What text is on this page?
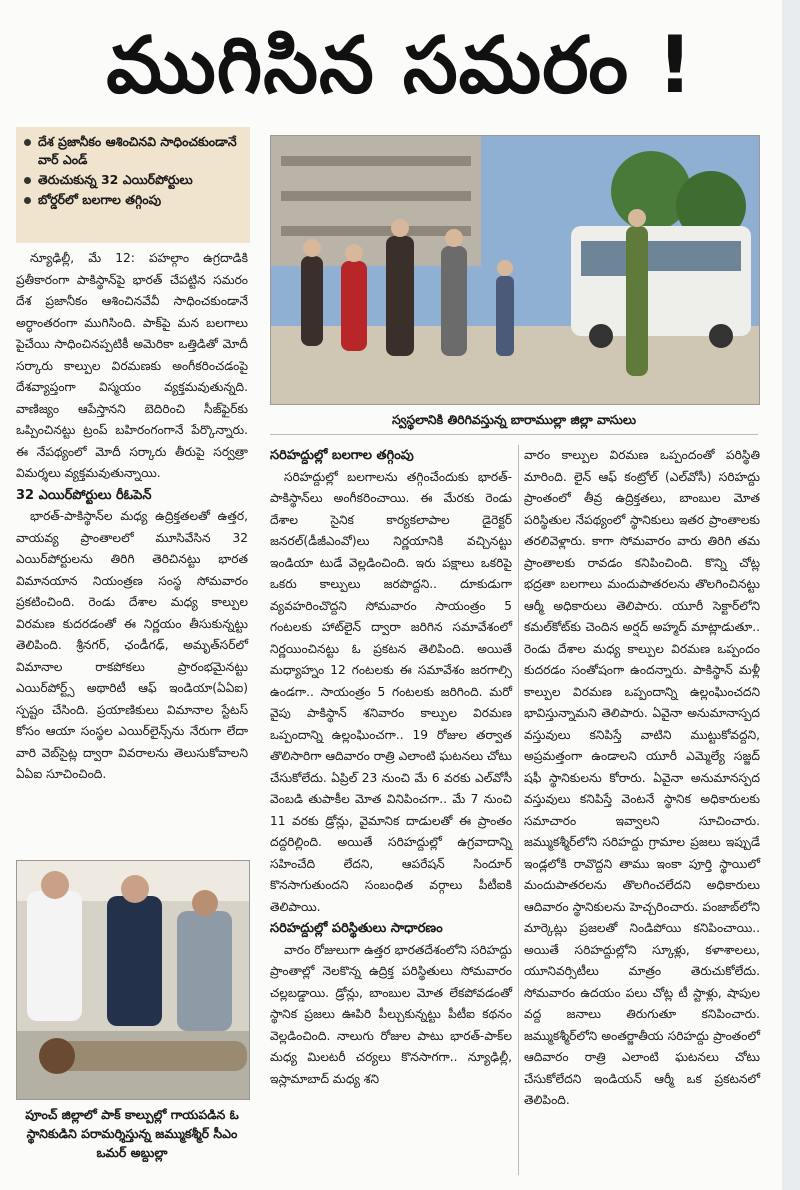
ముగిసిన సమరం !
దేశ ప్రజానీకం ఆశించినవి సాధించకుండానే వార్ ఎండ్
తెరుచుకున్న 32 ఎయిర్‌పోర్టులు
బోర్డర్‌లో బలగాల తగ్గింపు

న్యూఢిల్లీ, మే 12: పహల్గాం ఉగ్రదాడికి ప్రతీకారంగా పాకిస్థాన్‌పై భారత్ చేపట్టిన సమరం దేశ ప్రజానీకం ఆశించినవేవీ సాధించకుండానే అర్ధాంతరంగా ముగిసింది. పాక్‌పై మన బలగాలు పైచేయి సాధించినప్పటికీ అమెరికా ఒత్తిడితో మోదీ సర్కారు కాల్పుల విరమణకు అంగీకరించడంపై దేశవ్యాప్తంగా విస్మయం వ్యక్తమవుతున్నది. వాణిజ్యం ఆపేస్తానని బెదిరించి సీజ్‌ఫైర్‌కు ఒప్పించినట్టు ట్రంప్ బహిరంగంగానే పేర్కొన్నారు. ఈ నేపథ్యంలో మోదీ సర్కారు తీరుపై సర్వత్రా విమర్శలు వ్యక్తమవుతున్నాయి.

32 ఎయిర్‌పోర్టులు రీఓపెన్

భారత్-పాకిస్థాన్‌ల మధ్య ఉద్రిక్తతలతో ఉత్తర, వాయవ్య ప్రాంతాలలో మూసివేసిన 32 ఎయిర్‌పోర్టులను తిరిగి తెరిచినట్టు భారత విమానయాన నియంత్రణ సంస్థ సోమవారం ప్రకటించింది. రెండు దేశాల మధ్య కాల్పుల విరమణ కుదరడంతో ఈ నిర్ణయం తీసుకున్నట్టు తెలిపింది. శ్రీనగర్, ఛండీగఢ్, అమృత్‌సర్‌లో విమానాల రాకపోకలు ప్రారంభమైనట్టు ఎయిర్‌పోర్ట్స్ అథారిటీ ఆఫ్ ఇండియా(ఏఏఐ) స్పష్టం చేసింది. ప్రయాణికులు విమానాల స్టేటస్ కోసం ఆయా సంస్థల ఎయిర్‌లైన్స్‌ను నేరుగా లేదా వారి వెబ్‌సైట్ల ద్వారా వివరాలను తెలుసుకోవాలని ఏఏఐ సూచించింది.

స్వస్థలానికి తిరిగివస్తున్న బారాముల్లా జిల్లా వాసులు

సరిహద్దుల్లో బలగాల తగ్గింపు

సరిహద్దుల్లో బలగాలను తగ్గించేందుకు భారత్-పాకిస్థాన్‌లు అంగీకరించాయి. ఈ మేరకు రెండు దేశాల సైనిక కార్యకలాపాల డైరెక్టర్ జనరల్(డీజీఎంవో)లు నిర్ణయానికి వచ్చినట్టు ఇండియా టుడే వెల్లడించింది. ఇరు పక్షాలు ఒకరిపై ఒకరు కాల్పులు జరపొద్దని.. దూకుడుగా వ్యవహరించొద్దని సోమవారం సాయంత్రం 5 గంటలకు హాట్‌లైన్ ద్వారా జరిగిన సమావేశంలో నిర్ణయించినట్టు ఓ ప్రకటన తెలిపింది. అయితే మధ్యాహ్నం 12 గంటలకు ఈ సమావేశం జరగాల్సి ఉండగా.. సాయంత్రం 5 గంటలకు జరిగింది. మరో వైపు పాకిస్థాన్ శనివారం కాల్పుల విరమణ ఒప్పందాన్ని ఉల్లంఘించగా.. 19 రోజుల తర్వాత తొలిసారిగా ఆదివారం రాత్రి ఎలాంటి ఘటనలు చోటు చేసుకోలేదు. ఏప్రిల్ 23 నుంచి మే 6 వరకు ఎల్‌వోసీ వెంబడి తుపాకీల మోత వినిపించగా.. మే 7 నుంచి 11 వరకు డ్రోన్లు, వైమానిక దాడులతో ఈ ప్రాంతం దద్దరిల్లింది. అయితే సరిహద్దుల్లో ఉగ్రవాదాన్ని సహించేది లేదని, ఆపరేషన్ సిందూర్ కొనసాగుతుందని సంబంధిత వర్గాలు పీటీఐకి తెలిపాయి.

సరిహద్దుల్లో పరిస్థితులు సాధారణం

వారం రోజులుగా ఉత్తర భారతదేశంలోని సరిహద్దు ప్రాంతాల్లో నెలకొన్న ఉద్రిక్త పరిస్థితులు సోమవారం చల్లబడ్డాయి. డ్రోన్లు, బాంబుల మోత లేకపోవడంతో స్థానిక ప్రజలు ఊపిరి పీల్చుకున్నట్టు పీటీఐ కథనం వెల్లడించింది. నాలుగు రోజుల పాటు భారత్-పాక్‌ల మధ్య మిలటరీ చర్యలు కొనసాగగా.. న్యూఢిల్లీ, ఇస్లామాబాద్ మధ్య శని

వారం కాల్పుల విరమణ ఒప్పందంతో పరిస్థితి మారింది. లైన్ ఆఫ్ కంట్రోల్ (ఎల్‌వోసీ) సరిహద్దు ప్రాంతంలో తీవ్ర ఉద్రిక్తతలు, బాంబుల మోత పరిస్థితుల నేపథ్యంలో స్థానికులు ఇతర ప్రాంతాలకు తరలివెళ్లారు. కాగా సోమవారం వారు తిరిగి తమ ప్రాంతాలకు రావడం కనిపించింది. కొన్ని చోట్ల భద్రతా బలగాలు మందుపాతరలను తొలగించినట్టు ఆర్మీ అధికారులు తెలిపారు. యూరీ సెక్టార్‌లోని కమల్‌కోట్‌కు చెందిన అర్షద్ అహ్మద్ మాట్లాడుతూ.. రెండు దేశాల మధ్య కాల్పుల విరమణ ఒప్పందం కుదరడం సంతోషంగా ఉందన్నారు. పాకిస్థాన్ మళ్లీ కాల్పుల విరమణ ఒప్పందాన్ని ఉల్లంఘించదని భావిస్తున్నామని తెలిపారు. ఏవైనా అనుమానాస్పద వస్తువులు కనిపిస్తే వాటిని ముట్టుకోవద్దని, అప్రమత్తంగా ఉండాలని యూరీ ఎమ్మెల్యే సజ్జద్ షఫీ స్థానికులను కోరారు. ఏవైనా అనుమానస్పద వస్తువులు కనిపిస్తే వెంటనే స్థానిక అధికారులకు సమాచారం ఇవ్వాలని సూచించారు. జమ్ముకశ్మీర్‌లోని సరిహద్దు గ్రామాల ప్రజలు ఇప్పుడే ఇండ్లలోకి రావొద్దని తాము ఇంకా పూర్తి స్థాయిలో మందుపాతరలను తొలగించలేదని అధికారులు ఆదివారం స్థానికులను హెచ్చరించారు. పంజాబ్‌లోని మార్కెట్లు ప్రజలతో నిండిపోయి కనిపించాయి.. అయితే సరిహద్దుల్లోని స్కూళ్లు, కళాశాలలు, యూనివర్సిటీలు మాత్రం తెరుచుకోలేదు. సోమవారం ఉదయం పలు చోట్ల టీ స్టాళ్లు, షాపుల వద్ద జనాలు తిరుగుతూ కనిపించారు. జమ్ముకశ్మీర్‌లోని అంతర్జాతీయ సరిహద్దు ప్రాంతంలో ఆదివారం రాత్రి ఎలాంటి ఘటనలు చోటు చేసుకోలేదని ఇండియన్ ఆర్మీ ఒక ప్రకటనలో తెలిపింది.

పూంచ్ జిల్లాలో పాక్ కాల్పుల్లో గాయపడిన ఓ స్థానికుడిని పరామర్శిస్తున్న జమ్ముకశ్మీర్ సీఎం ఒమర్ అబ్దుల్లా
